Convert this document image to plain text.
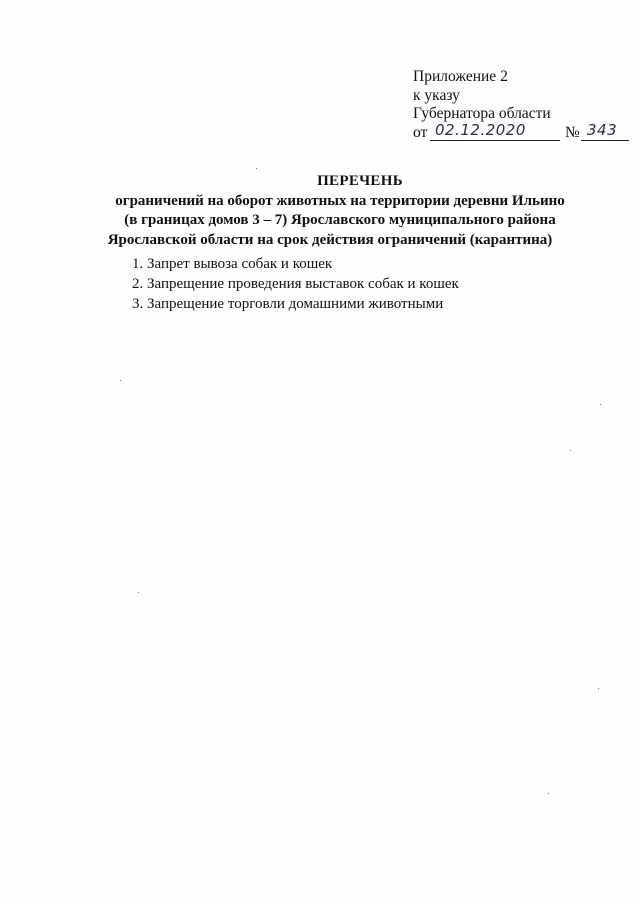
Приложение 2
к указу
Губернатора области
от 02.12.2020	№ 343
ПЕРЕЧЕНЬ
ограничений на оборот животных на территории деревни Ильино
(в границах домов 3 – 7) Ярославского муниципального района
Ярославской области на срок действия ограничений (карантина)
1. Запрет вывоза собак и кошек
2. Запрещение проведения выставок собак и кошек
3. Запрещение торговли домашними животными
